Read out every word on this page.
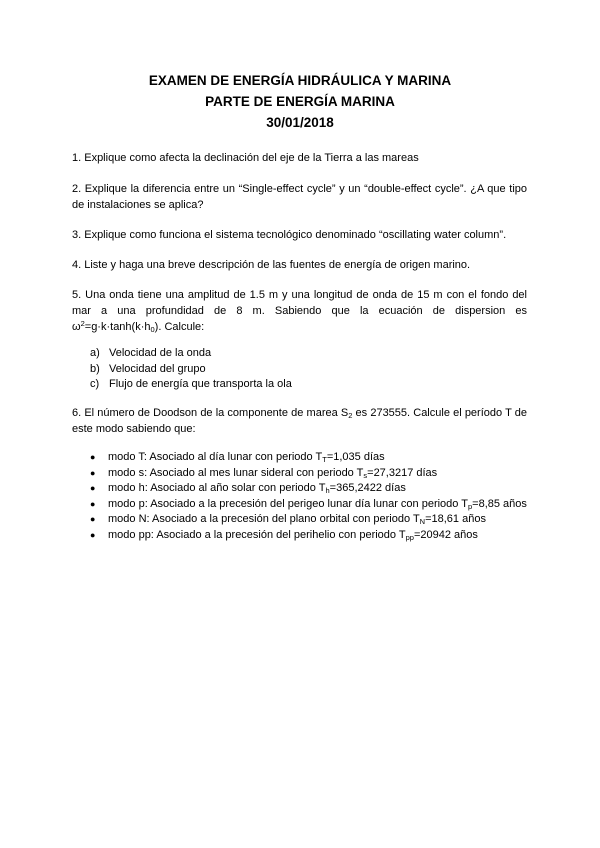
EXAMEN DE ENERGÍA HIDRÁULICA Y MARINA
PARTE DE ENERGÍA MARINA
30/01/2018

1. Explique como afecta la declinación del eje de la Tierra a las mareas

2. Explique la diferencia entre un “Single-effect cycle” y un “double-effect cycle”. ¿A que tipo de instalaciones se aplica?

3. Explique como funciona el sistema tecnológico denominado “oscillating water column”.

4. Liste y haga una breve descripción de las fuentes de energía de origen marino.

5. Una onda tiene una amplitud de 1.5 m y una longitud de onda de 15 m con el fondo del mar a una profundidad de 8 m. Sabiendo que la ecuación de dispersion es $\omega^2=g\cdot k\cdot\tanh(k\cdot h_0)$. Calcule:

a) Velocidad de la onda
b) Velocidad del grupo
c) Flujo de energía que transporta la ola

6. El número de Doodson de la componente de marea $S_2$ es 273555. Calcule el período T de este modo sabiendo que:

● modo T: Asociado al día lunar con periodo $T_T=1,035$ días
● modo s: Asociado al mes lunar sideral con periodo $T_s=27,3217$ días
● modo h: Asociado al año solar con periodo $T_h=365,2422$ días
● modo p: Asociado a la precesión del perigeo lunar día lunar con periodo $T_p=8,85$ años
● modo N: Asociado a la precesión del plano orbital con periodo $T_N=18,61$ años
● modo pp: Asociado a la precesión del perihelio con periodo $T_{pp}=20942$ años
